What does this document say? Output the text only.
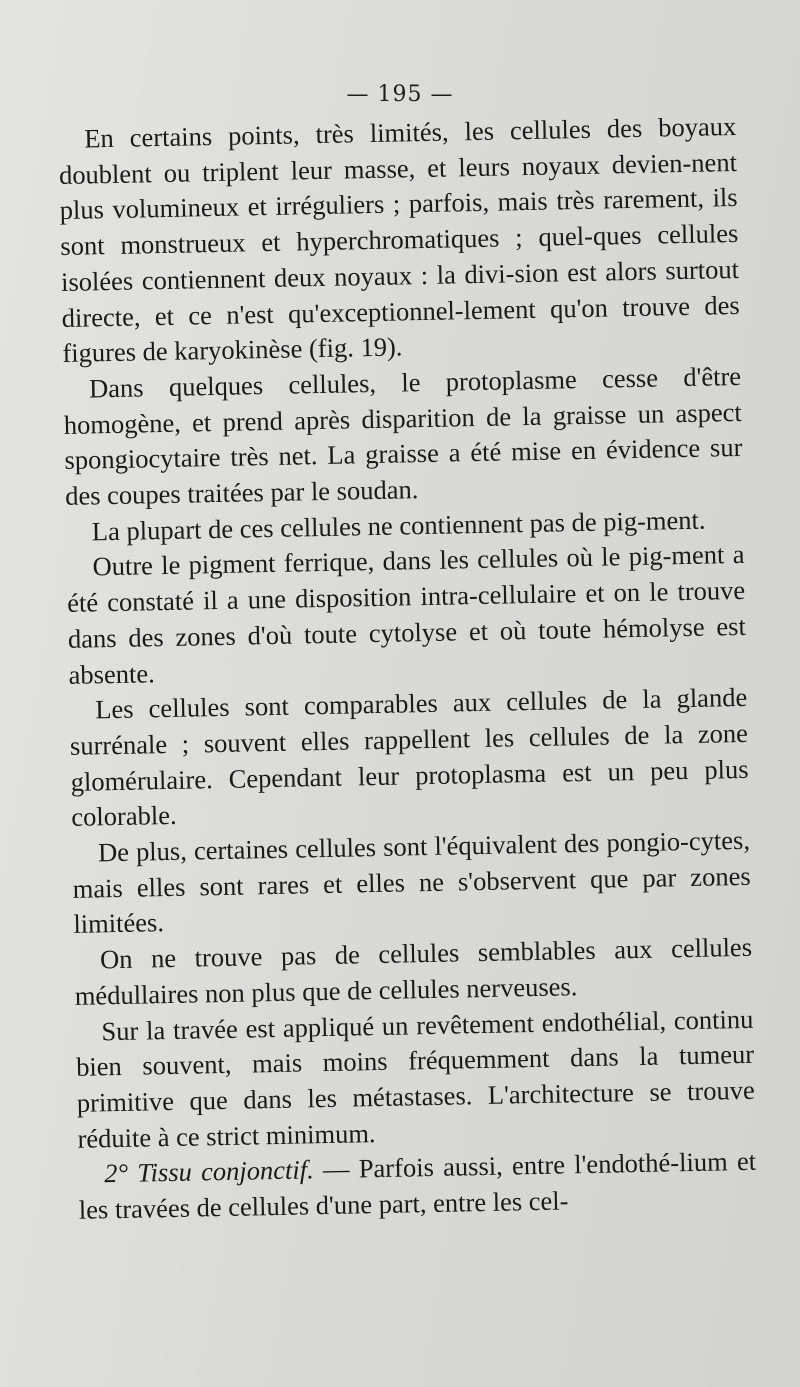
— 195 —

En certains points, très limités, les cellules des boyaux doublent ou triplent leur masse, et leurs noyaux devien-nent plus volumineux et irréguliers ; parfois, mais très rarement, ils sont monstrueux et hyperchromatiques ; quel-ques cellules isolées contiennent deux noyaux : la divi-sion est alors surtout directe, et ce n'est qu'exceptionnel-lement qu'on trouve des figures de karyokinèse (fig. 19).

Dans quelques cellules, le protoplasme cesse d'être homogène, et prend après disparition de la graisse un aspect spongiocytaire très net. La graisse a été mise en évidence sur des coupes traitées par le soudan.

La plupart de ces cellules ne contiennent pas de pig-ment.

Outre le pigment ferrique, dans les cellules où le pig-ment a été constaté il a une disposition intra-cellulaire et on le trouve dans des zones d'où toute cytolyse et où toute hémolyse est absente.

Les cellules sont comparables aux cellules de la glande surrénale ; souvent elles rappellent les cellules de la zone glomérulaire. Cependant leur protoplasma est un peu plus colorable.

De plus, certaines cellules sont l'équivalent des pongio-cytes, mais elles sont rares et elles ne s'observent que par zones limitées.

On ne trouve pas de cellules semblables aux cellules médullaires non plus que de cellules nerveuses.

Sur la travée est appliqué un revêtement endothélial, continu bien souvent, mais moins fréquemment dans la tumeur primitive que dans les métastases. L'architecture se trouve réduite à ce strict minimum.

2° Tissu conjonctif. — Parfois aussi, entre l'endothé-lium et les travées de cellules d'une part, entre les cel-
